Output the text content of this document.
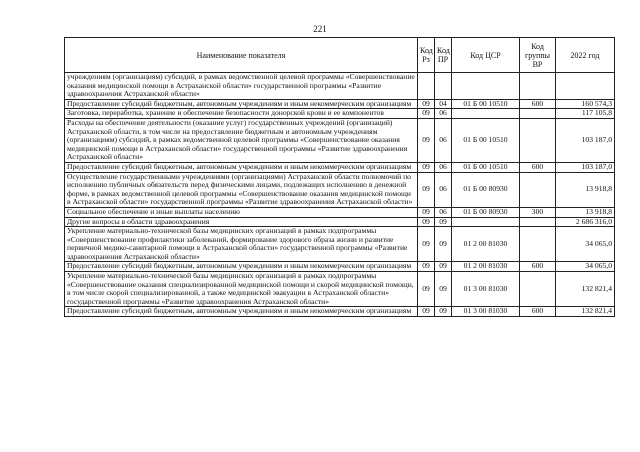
221
Наименование показателя	Код Рз	Код ПР	Код ЦСР	Код группы ВР	2022 год
учреждениям (организациям) субсидий, в рамках ведомственной целевой программы «Совершенствование оказания медицинской помощи в Астраханской области» государственной программы «Развитие здравоохранения Астраханской области»					
Предоставление субсидий бюджетным, автономным учреждениям и иным некоммерческим организациям	09	04	01 Б 00 10510	600	160 574,3
Заготовка, переработка, хранение и обеспечение безопасности донорской крови и ее компонентов	09	06			117 105,8
Расходы на обеспечение деятельности (оказание услуг) государственных учреждений (организаций) Астраханской области, в том числе на предоставление бюджетным и автономным учреждениям (организациям) субсидий, в рамках ведомственной целевой программы «Совершенствование оказания медицинской помощи в Астраханской области» государственной программы «Развитие здравоохранения Астраханской области»	09	06	01 Б 00 10510		103 187,0
Предоставление субсидий бюджетным, автономным учреждениям и иным некоммерческим организациям	09	06	01 Б 00 10510	600	103 187,0
Осуществление государственными учреждениями (организациями) Астраханской области полномочий по исполнению публичных обязательств перед физическими лицами, подлежащих исполнению в денежной форме, в рамках ведомственной целевой программы «Совершенствование оказания медицинской помощи в Астраханской области» государственной программы «Развитие здравоохранения Астраханской области»	09	06	01 Б 00 80930		13 918,8
Социальное обеспечение и иные выплаты населению	09	06	01 Б 00 80930	300	13 918,8
Другие вопросы в области здравоохранения	09	09			2 686 316,0
Укрепление материально-технической базы медицинских организаций в рамках подпрограммы «Совершенствование профилактики заболеваний, формирование здорового образа жизни и развитие первичной медико-санитарной помощи в Астраханской области» государственной программы «Развитие здравоохранения Астраханской области»	09	09	01 2 00 81030		34 065,0
Предоставление субсидий бюджетным, автономным учреждениям и иным некоммерческим организациям	09	09	01 2 00 81030	600	34 065,0
Укрепление материально-технической базы медицинских организаций в рамках подпрограммы «Совершенствование оказания специализированной медицинской помощи и скорой медицинской помощи, в том числе скорой специализированной, а также медицинской эвакуации в Астраханской области» государственной программы «Развитие здравоохранения Астраханской области»	09	09	01 3 00 81030		132 821,4
Предоставление субсидий бюджетным, автономным учреждениям и иным некоммерческим организациям	09	09	01 3 00 81030	600	132 821,4
